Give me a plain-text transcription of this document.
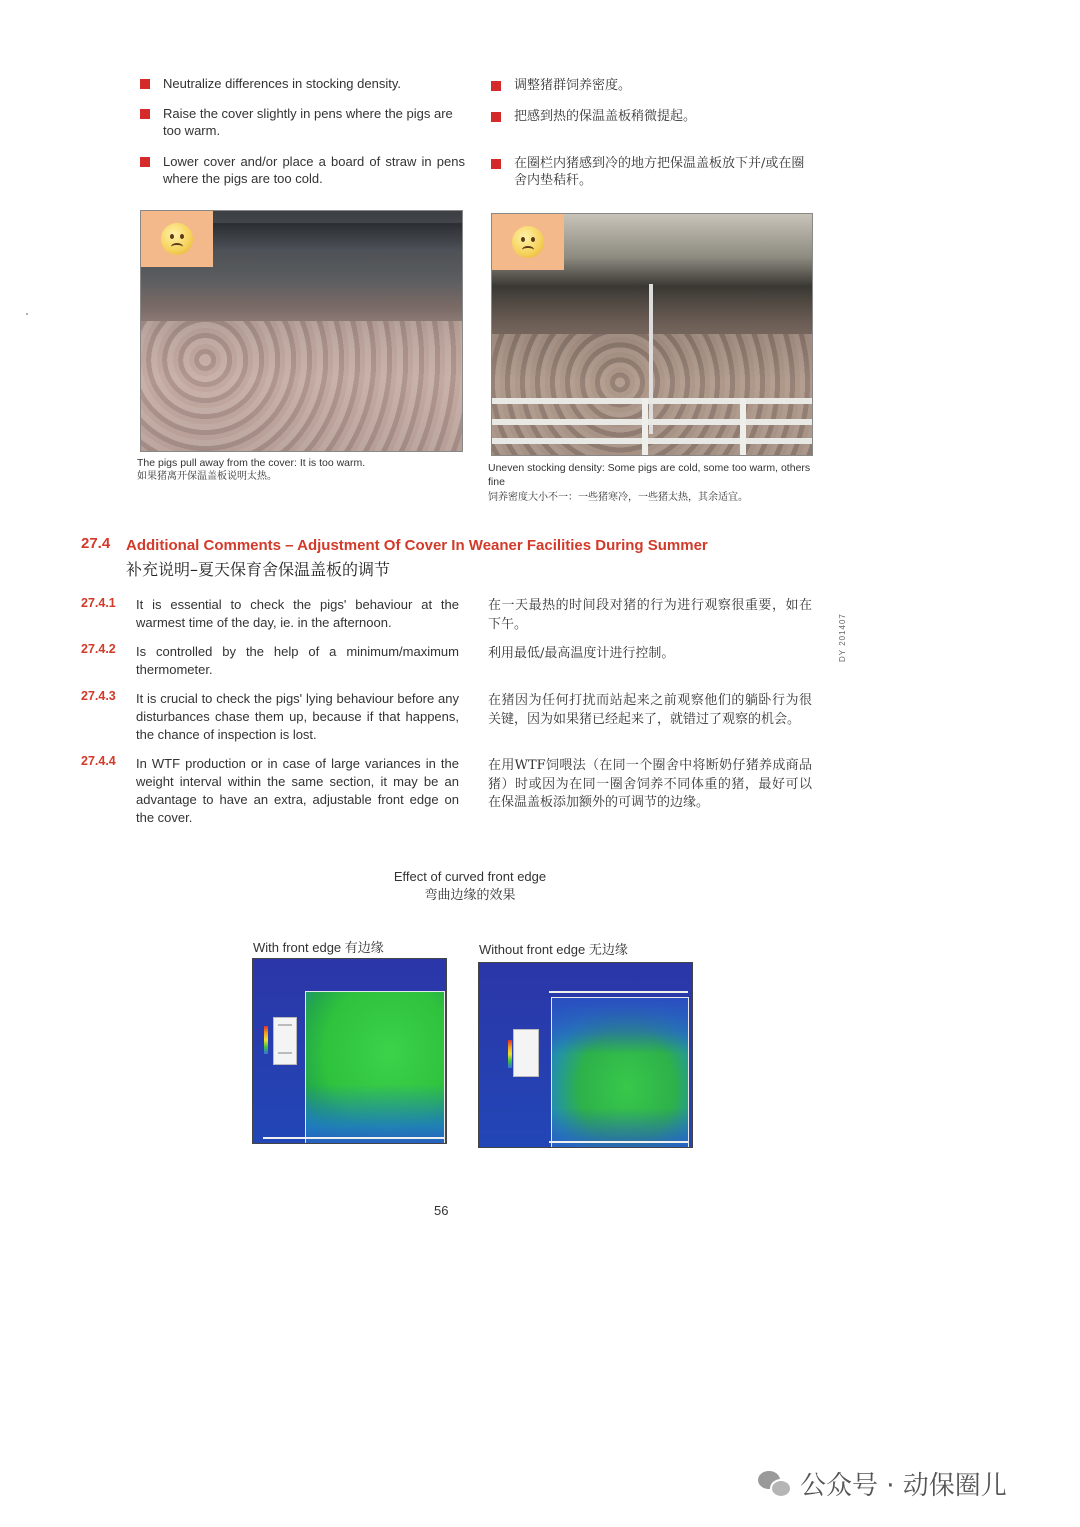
Neutralize differences in stocking density.
Raise the cover slightly in pens where the pigs are too warm.
Lower cover and/or place a board of straw in pens where the pigs are too cold.
调整猪群饲养密度。
把感到热的保温盖板稍微提起。
在圈栏内猪感到冷的地方把保温盖板放下并/或在圈舍内垫秸秆。
The pigs pull away from the cover: It is too warm.
如果猪离开保温盖板说明太热。
Uneven stocking density: Some pigs are cold, some too warm, others fine
饲养密度大小不一：一些猪寒冷，一些猪太热，其余适宜。
27.4 Additional Comments – Adjustment Of Cover In Weaner Facilities During Summer
补充说明–夏天保育舍保温盖板的调节
27.4.1 It is essential to check the pigs' behaviour at the warmest time of the day, ie. in the afternoon.
在一天最热的时间段对猪的行为进行观察很重要，如在下午。
27.4.2 Is controlled by the help of a minimum/maximum thermometer.
利用最低/最高温度计进行控制。
27.4.3 It is crucial to check the pigs' lying behaviour before any disturbances chase them up, because if that happens, the chance of inspection is lost.
在猪因为任何打扰而站起来之前观察他们的躺卧行为很关键，因为如果猪已经起来了，就错过了观察的机会。
27.4.4 In WTF production or in case of large variances in the weight interval within the same section, it may be an advantage to have an extra, adjustable front edge on the cover.
在用WTF饲喂法（在同一个圈舍中将断奶仔猪养成商品猪）时或因为在同一圈舍饲养不同体重的猪，最好可以在保温盖板添加额外的可调节的边缘。
DY 201407
Effect of curved front edge
弯曲边缘的效果
With front edge 有边缘	Without front edge 无边缘
56
公众号 · 动保圈儿
